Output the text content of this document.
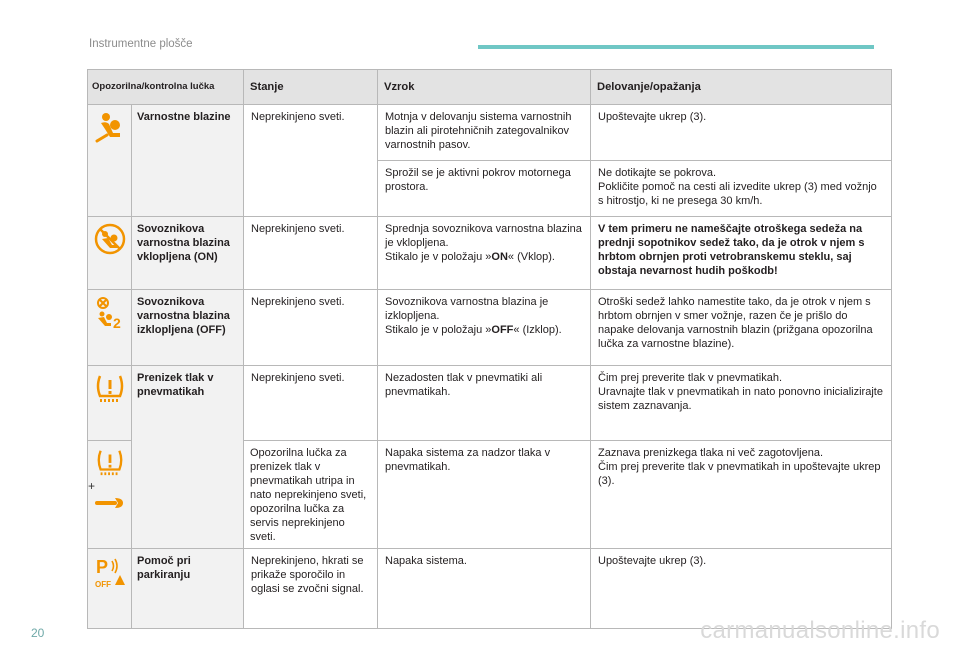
Instrumentne plošče
Opozorilna/kontrolna lučka		Stanje	Vzrok	Delovanje/opažanja

	Varnostne blazine	Neprekinjeno sveti.	Motnja v delovanju sistema varnostnih blazin ali pirotehničnih zategovalnikov varnostnih pasov.	Upoštevajte ukrep (3).
			Sprožil se je aktivni pokrov motornega prostora.	Ne dotikajte se pokrova.
Pokličite pomoč na cesti ali izvedite ukrep (3) med vožnjo s hitrostjo, ki ne presega 30 km/h.

	Sovoznikova varnostna blazina vklopljena (ON)	Neprekinjeno sveti.	Sprednja sovoznikova varnostna blazina je vklopljena.
Stikalo je v položaju »ON« (Vklop).	V tem primeru ne nameščajte otroškega sedeža na prednji sopotnikov sedež tako, da je otrok v njem s hrbtom obrnjen proti vetrobranskemu steklu, saj obstaja nevarnost hudih poškodb!

2	Sovoznikova varnostna blazina izklopljena (OFF)	Neprekinjeno sveti.	Sovoznikova varnostna blazina je izklopljena.
Stikalo je v položaju »OFF« (Izklop).	Otroški sedež lahko namestite tako, da je otrok v njem s hrbtom obrnjen v smer vožnje, razen če je prišlo do napake delovanja varnostnih blazin (prižgana opozorilna lučka za varnostne blazine).

	Prenizek tlak v pnevmatikah	Neprekinjeno sveti.	Nezadosten tlak v pnevmatiki ali pnevmatikah.	Čim prej preverite tlak v pnevmatikah.
Uravnajte tlak v pnevmatikah in nato ponovno inicializirajte sistem zaznavanja.

+		Opozorilna lučka za prenizek tlak v pnevmatikah utripa in nato neprekinjeno sveti, opozorilna lučka za servis neprekinjeno sveti.	Napaka sistema za nadzor tlaka v pnevmatikah.	Zaznava prenizkega tlaka ni več zagotovljena.
Čim prej preverite tlak v pnevmatikah in upoštevajte ukrep (3).

P
OFF	Pomoč pri parkiranju	Neprekinjeno, hkrati se prikaže sporočilo in oglasi se zvočni signal.	Napaka sistema.	Upoštevajte ukrep (3).
20	carmanualsonline.info
